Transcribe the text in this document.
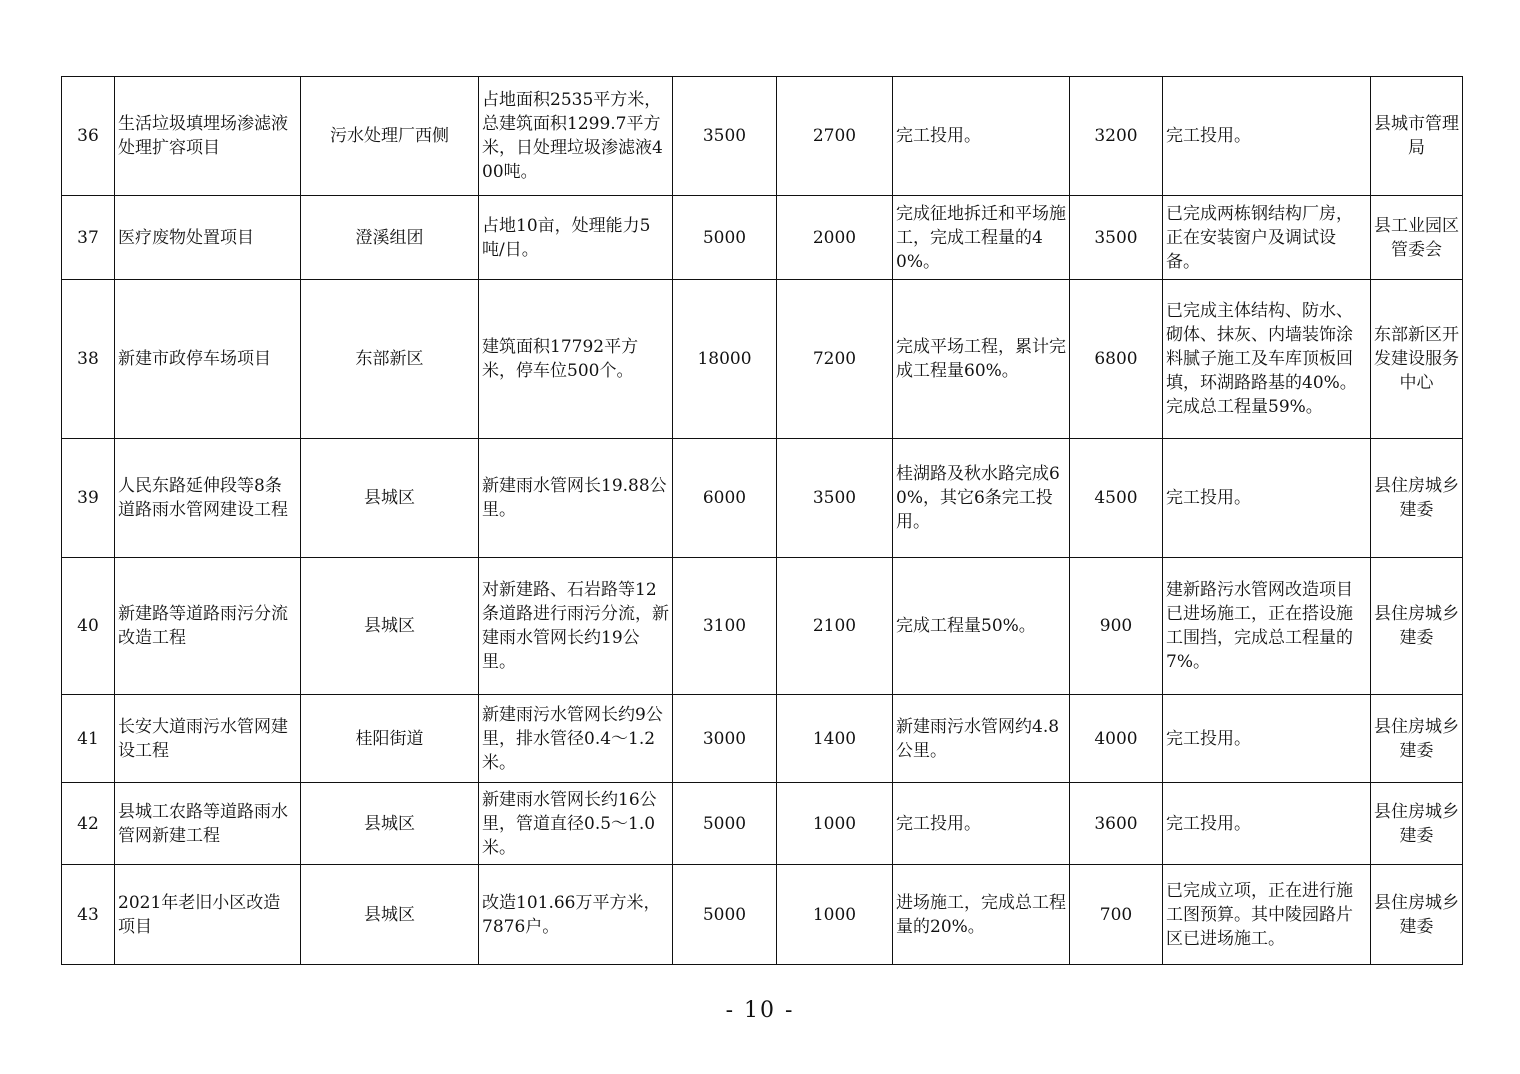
36	生活垃圾填埋场渗滤液处理扩容项目	污水处理厂西侧	占地面积2535平方米，总建筑面积1299.7平方米，日处理垃圾渗滤液400吨。	3500	2700	完工投用。	3200	完工投用。	县城市管理局
37	医疗废物处置项目	澄溪组团	占地10亩，处理能力5吨/日。	5000	2000	完成征地拆迁和平场施工，完成工程量的40%。	3500	已完成两栋钢结构厂房，正在安装窗户及调试设备。	县工业园区管委会
38	新建市政停车场项目	东部新区	建筑面积17792平方米，停车位500个。	18000	7200	完成平场工程，累计完成工程量60%。	6800	已完成主体结构、防水、砌体、抹灰、内墙装饰涂料腻子施工及车库顶板回填，环湖路路基的40%。完成总工程量59%。	东部新区开发建设服务中心
39	人民东路延伸段等8条道路雨水管网建设工程	县城区	新建雨水管网长19.88公里。	6000	3500	桂湖路及秋水路完成60%，其它6条完工投用。	4500	完工投用。	县住房城乡建委
40	新建路等道路雨污分流改造工程	县城区	对新建路、石岩路等12条道路进行雨污分流，新建雨水管网长约19公里。	3100	2100	完成工程量50%。	900	建新路污水管网改造项目已进场施工，正在搭设施工围挡，完成总工程量的7%。	县住房城乡建委
41	长安大道雨污水管网建设工程	桂阳街道	新建雨污水管网长约9公里，排水管径0.4～1.2米。	3000	1400	新建雨污水管网约4.8公里。	4000	完工投用。	县住房城乡建委
42	县城工农路等道路雨水管网新建工程	县城区	新建雨水管网长约16公里，管道直径0.5～1.0米。	5000	1000	完工投用。	3600	完工投用。	县住房城乡建委
43	2021年老旧小区改造项目	县城区	改造101.66万平方米，7876户。	5000	1000	进场施工，完成总工程量的20%。	700	已完成立项，正在进行施工图预算。其中陵园路片区已进场施工。	县住房城乡建委
- 10 -
